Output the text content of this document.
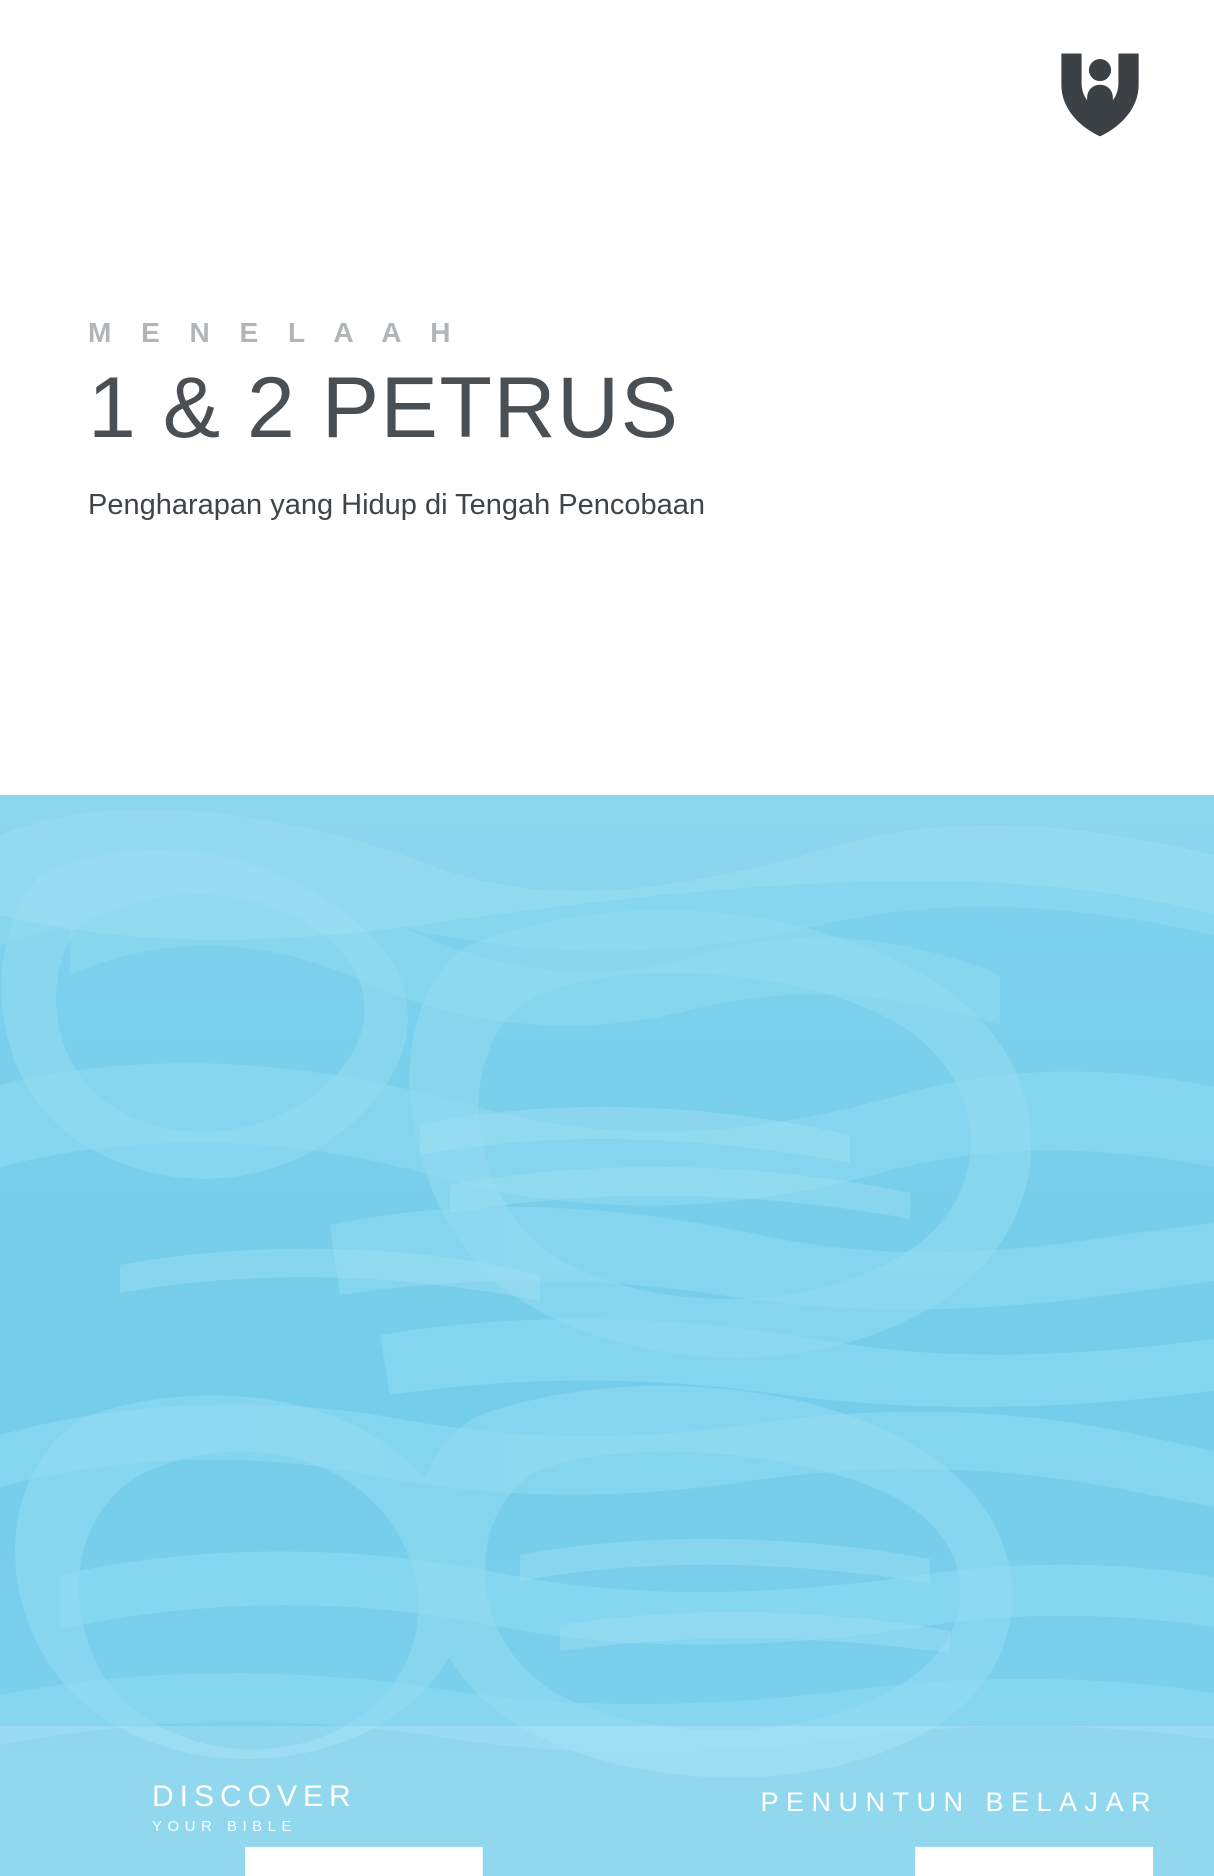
M E N E L A A H
1 & 2 PETRUS

Pengharapan yang Hidup di Tengah Pencobaan

DISCOVER
YOUR BIBLE
PENUNTUN BELAJAR
